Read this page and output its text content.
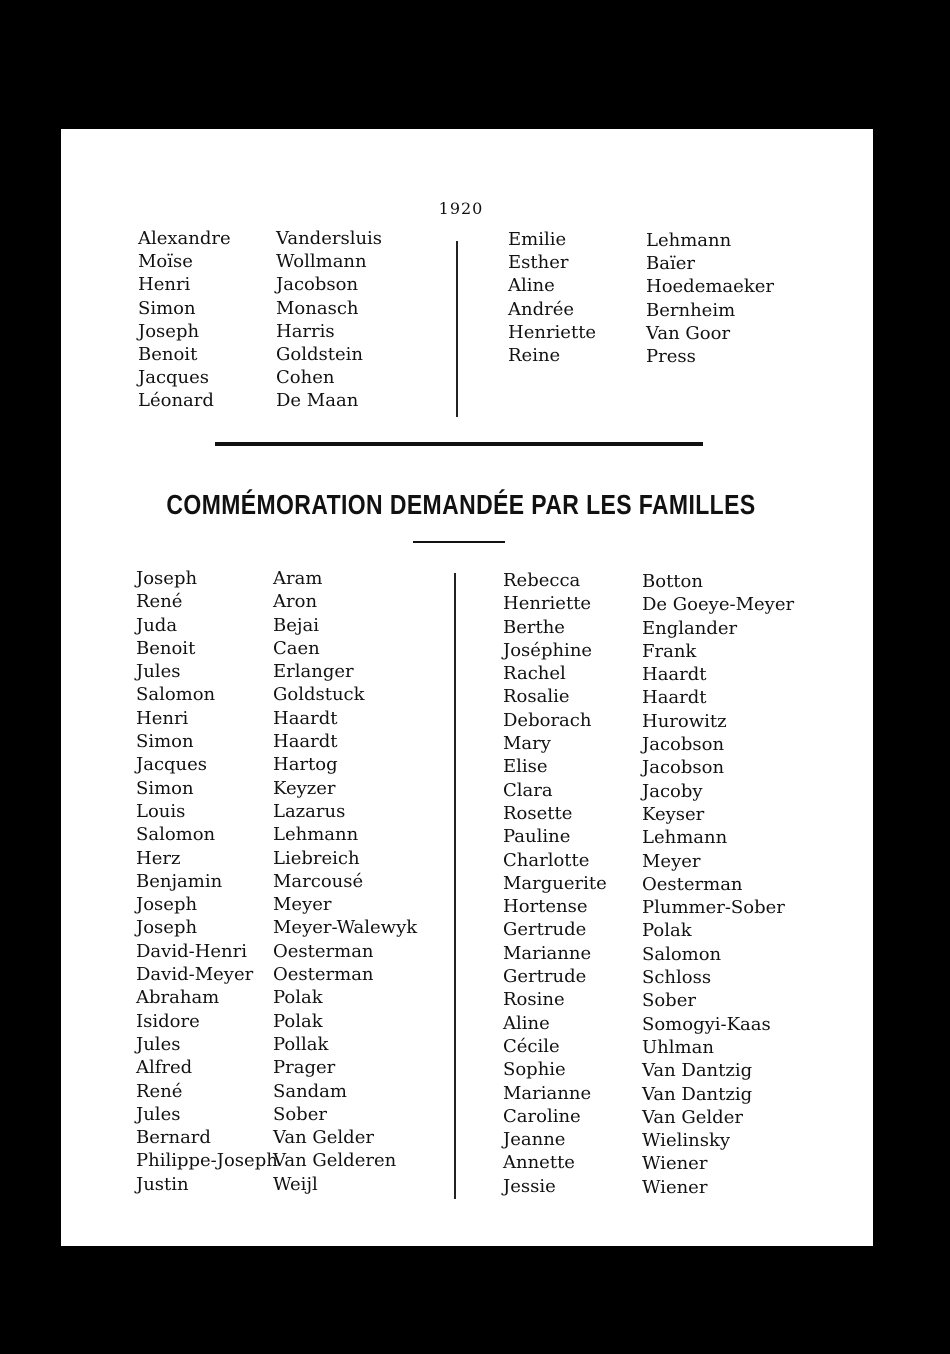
1920
Alexandre
Moïse
Henri
Simon
Joseph
Benoit
Jacques
Léonard
Vandersluis
Wollmann
Jacobson
Monasch
Harris
Goldstein
Cohen
De Maan
Emilie
Esther
Aline
Andrée
Henriette
Reine
Lehmann
Baïer
Hoedemaeker
Bernheim
Van Goor
Press
COMMÉMORATION DEMANDÉE PAR LES FAMILLES
Joseph
René
Juda
Benoit
Jules
Salomon
Henri
Simon
Jacques
Simon
Louis
Salomon
Herz
Benjamin
Joseph
Joseph
David-Henri
David-Meyer
Abraham
Isidore
Jules
Alfred
René
Jules
Bernard
Philippe-Joseph
Justin
Aram
Aron
Bejai
Caen
Erlanger
Goldstuck
Haardt
Haardt
Hartog
Keyzer
Lazarus
Lehmann
Liebreich
Marcousé
Meyer
Meyer-Walewyk
Oesterman
Oesterman
Polak
Polak
Pollak
Prager
Sandam
Sober
Van Gelder
Van Gelderen
Weijl
Rebecca
Henriette
Berthe
Joséphine
Rachel
Rosalie
Deborach
Mary
Elise
Clara
Rosette
Pauline
Charlotte
Marguerite
Hortense
Gertrude
Marianne
Gertrude
Rosine
Aline
Cécile
Sophie
Marianne
Caroline
Jeanne
Annette
Jessie
Botton
De Goeye-Meyer
Englander
Frank
Haardt
Haardt
Hurowitz
Jacobson
Jacobson
Jacoby
Keyser
Lehmann
Meyer
Oesterman
Plummer-Sober
Polak
Salomon
Schloss
Sober
Somogyi-Kaas
Uhlman
Van Dantzig
Van Dantzig
Van Gelder
Wielinsky
Wiener
Wiener
